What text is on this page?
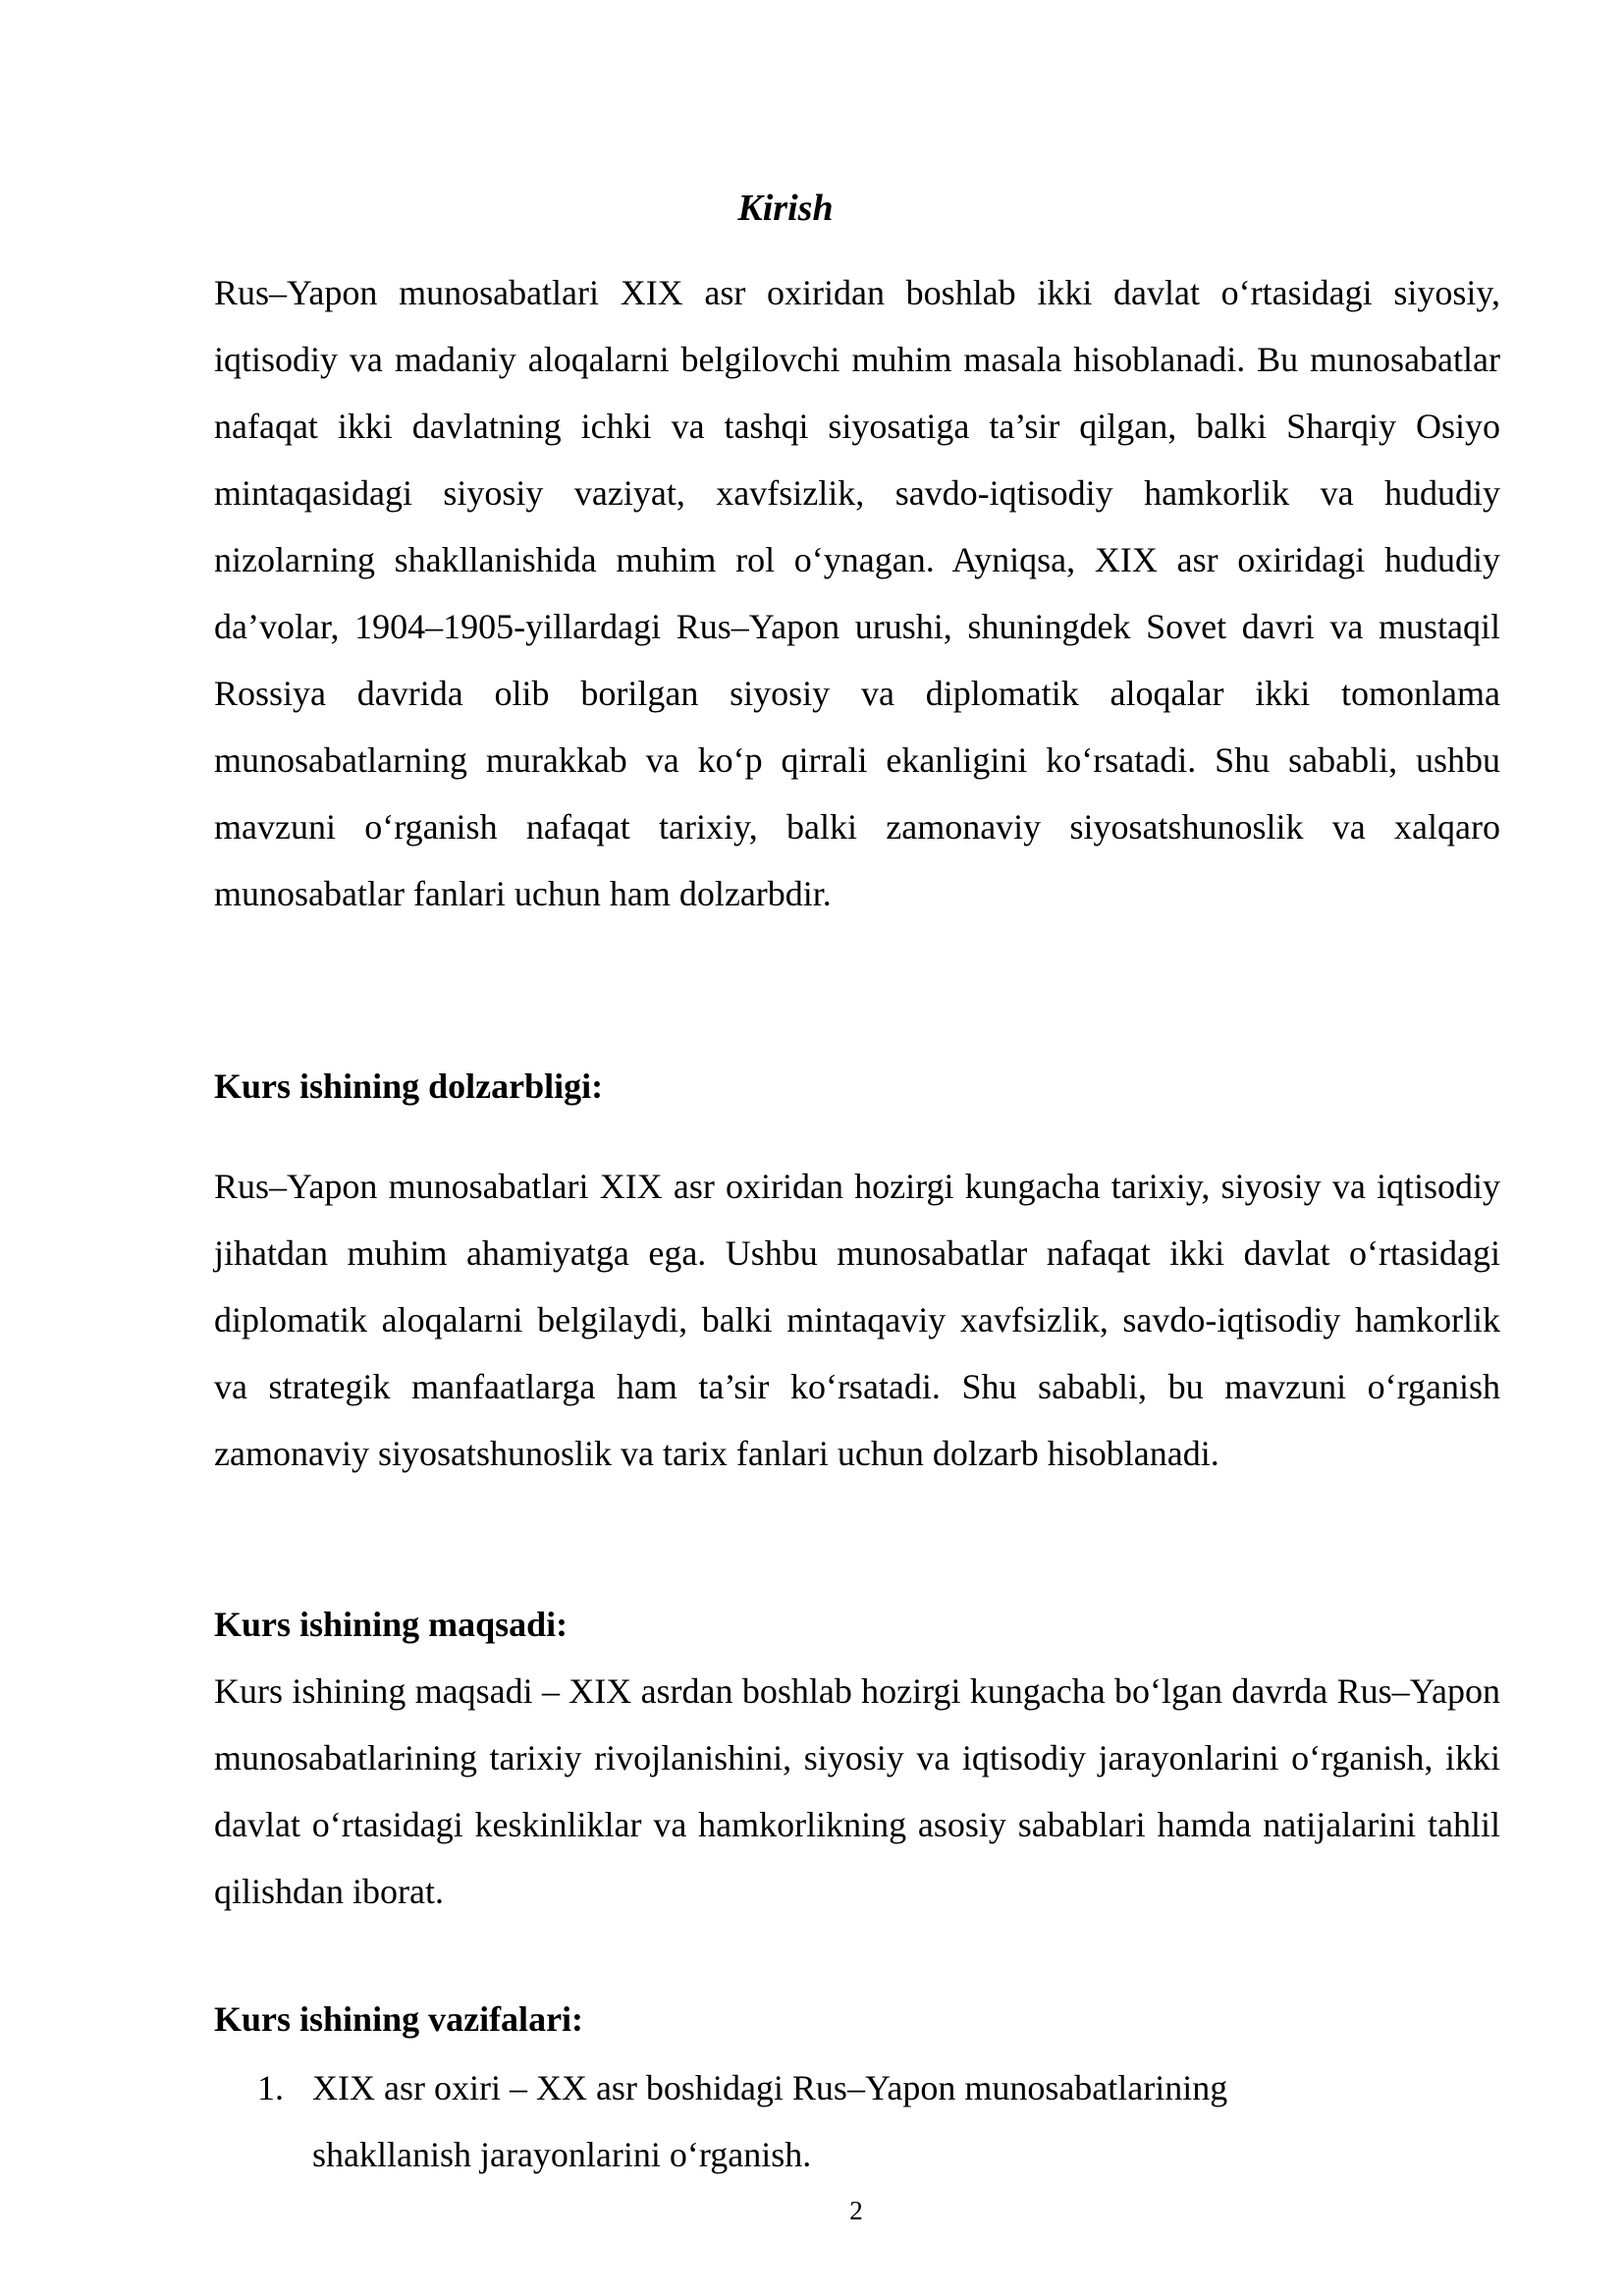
Kirish

Rus–Yapon munosabatlari XIX asr oxiridan boshlab ikki davlat o‘rtasidagi siyosiy, iqtisodiy va madaniy aloqalarni belgilovchi muhim masala hisoblanadi. Bu munosabatlar nafaqat ikki davlatning ichki va tashqi siyosatiga ta’sir qilgan, balki Sharqiy Osiyo mintaqasidagi siyosiy vaziyat, xavfsizlik, savdo-iqtisodiy hamkorlik va hududiy nizolarning shakllanishida muhim rol o‘ynagan. Ayniqsa, XIX asr oxiridagi hududiy da’volar, 1904–1905-yillardagi Rus–Yapon urushi, shuningdek Sovet davri va mustaqil Rossiya davrida olib borilgan siyosiy va diplomatik aloqalar ikki tomonlama munosabatlarning murakkab va ko‘p qirrali ekanligini ko‘rsatadi. Shu sababli, ushbu mavzuni o‘rganish nafaqat tarixiy, balki zamonaviy siyosatshunoslik va xalqaro munosabatlar fanlari uchun ham dolzarbdir.

Kurs ishining dolzarbligi:

Rus–Yapon munosabatlari XIX asr oxiridan hozirgi kungacha tarixiy, siyosiy va iqtisodiy jihatdan muhim ahamiyatga ega. Ushbu munosabatlar nafaqat ikki davlat o‘rtasidagi diplomatik aloqalarni belgilaydi, balki mintaqaviy xavfsizlik, savdo-iqtisodiy hamkorlik va strategik manfaatlarga ham ta’sir ko‘rsatadi. Shu sababli, bu mavzuni o‘rganish zamonaviy siyosatshunoslik va tarix fanlari uchun dolzarb hisoblanadi.

Kurs ishining maqsadi:

Kurs ishining maqsadi – XIX asrdan boshlab hozirgi kungacha bo‘lgan davrda Rus–Yapon munosabatlarining tarixiy rivojlanishini, siyosiy va iqtisodiy jarayonlarini o‘rganish, ikki davlat o‘rtasidagi keskinliklar va hamkorlikning asosiy sabablari hamda natijalarini tahlil qilishdan iborat.

Kurs ishining vazifalari:
1. XIX asr oxiri – XX asr boshidagi Rus–Yapon munosabatlarining shakllanish jarayonlarini o‘rganish.
2
